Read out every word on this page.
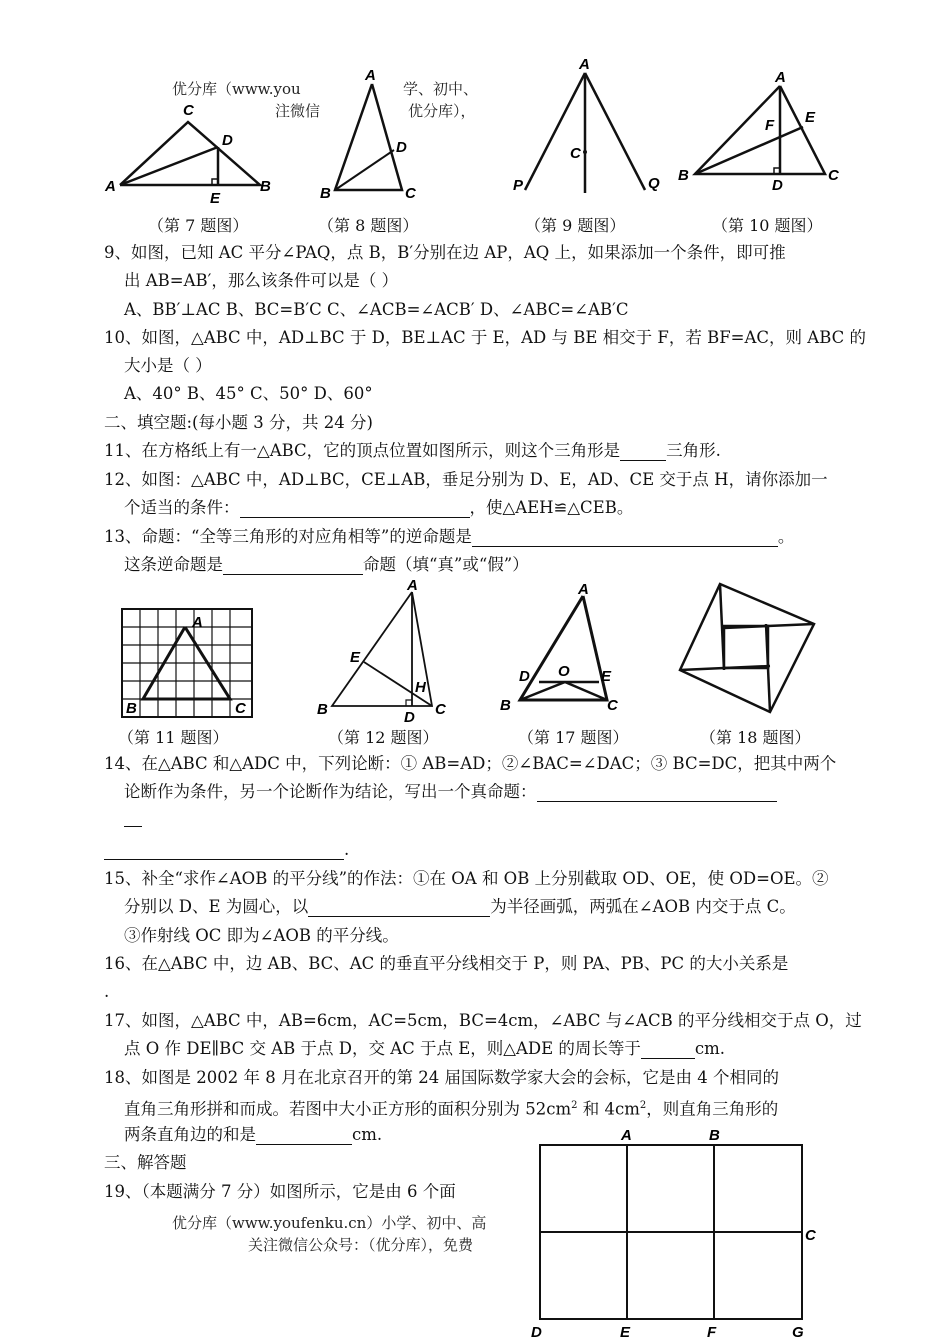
优分库（www.you	学、初中、
注微信	优分库），
C
D
A
E
B
A
D
B	C
A
C
P	Q
A
E
F
B
D
C
（第 7 题图）	（第 8 题图）	（第 9 题图）	（第 10 题图）
9、如图，已知 AC 平分∠PAQ，点 B，B′分别在边 AP，AQ 上，如果添加一个条件，即可推
出 AB=AB′，那么该条件可以是（ ）
A、BB′⊥AC B、BC=B′C C、∠ACB=∠ACB′ D、∠ABC=∠AB′C
10、如图，△ABC 中，AD⊥BC 于 D，BE⊥AC 于 E，AD 与 BE 相交于 F，若 BF=AC，则 ABC 的
大小是（ ）
A、40° B、45° C、50° D、60°
二、填空题:(每小题 3 分，共 24 分)
11、在方格纸上有一△ABC，它的顶点位置如图所示，则这个三角形是	三角形.
12、如图：△ABC 中，AD⊥BC，CE⊥AB，垂足分别为 D、E，AD、CE 交于点 H，请你添加一
个适当的条件：	，使△AEH≌△CEB。
13、命题：“全等三角形的对应角相等”的逆命题是	。
这条逆命题是	命题（填“真”或“假”）
A
B	C
A
E
H
B	D C
A
D O E
B	C
（第 11 题图）	（第 12 题图）	（第 17 题图）	（第 18 题图）
14、在△ABC 和△ADC 中，下列论断：① AB=AD；②∠BAC=∠DAC；③ BC=DC，把其中两个
论断作为条件，另一个论断作为结论，写出一个真命题：
.
15、补全“求作∠AOB 的平分线”的作法：①在 OA 和 OB 上分别截取 OD、OE，使 OD=OE。②
分别以 D、E 为圆心，以	为半径画弧，两弧在∠AOB 内交于点 C。
③作射线 OC 即为∠AOB 的平分线。
16、在△ABC 中，边 AB、BC、AC 的垂直平分线相交于 P，则 PA、PB、PC 的大小关系是
.
17、如图，△ABC 中，AB=6cm，AC=5cm，BC=4cm，∠ABC 与∠ACB 的平分线相交于点 O，过
点 O 作 DE∥BC 交 AB 于点 D，交 AC 于点 E，则△ADE 的周长等于	cm.
18、如图是 2002 年 8 月在北京召开的第 24 届国际数学家大会的会标，它是由 4 个相同的
直角三角形拼和而成。若图中大小正方形的面积分别为 $52cm^2$ 和 $4cm^2$，则直角三角形的
两条直角边的和是	cm.
三、解答题
19、（本题满分 7 分）如图所示，它是由 6 个面
优分库（www.youfenku.cn）小学、初中、高
关注微信公众号：（优分库），免费
A	B
C
D	E	F	G
